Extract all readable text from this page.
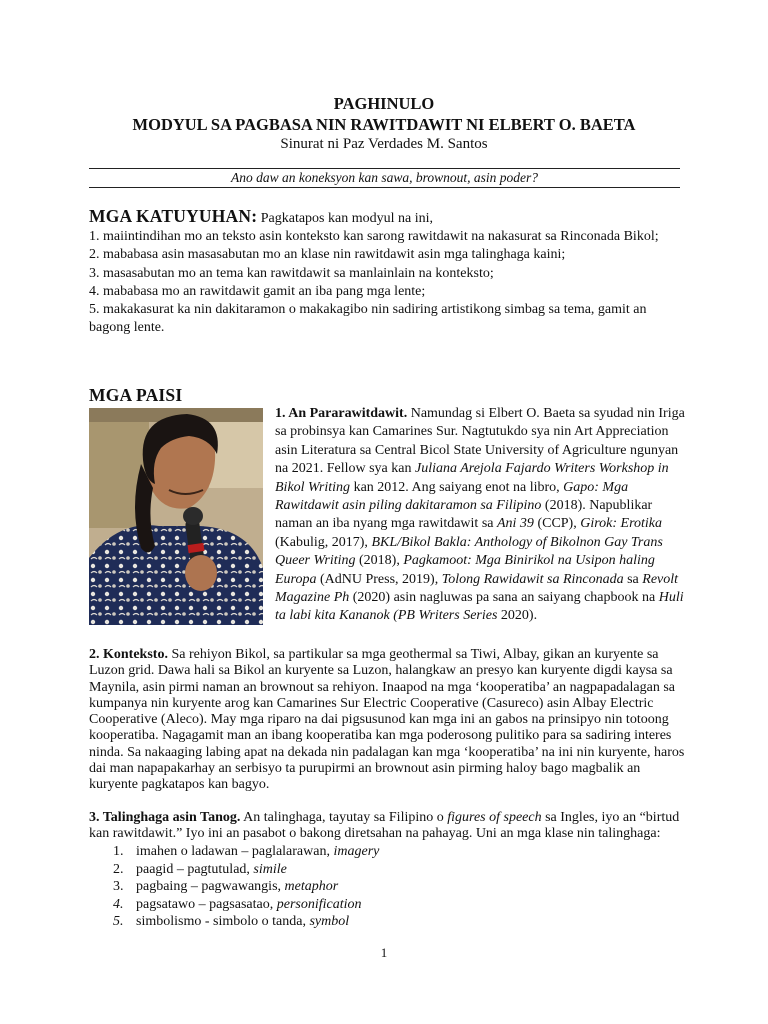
PAGHINULO
MODYUL SA PAGBASA NIN RAWITDAWIT NI ELBERT O. BAETA
Sinurat ni Paz Verdades M. Santos
Ano daw an koneksyon kan sawa, brownout, asin poder?

MGA KATUYUHAN: Pagkatapos kan modyul na ini,

1. maiintindihan mo an teksto asin konteksto kan sarong rawitdawit na nakasurat sa Rinconada Bikol;

2. mababasa asin masasabutan mo an klase nin rawitdawit asin mga talinghaga kaini;

3. masasabutan mo an tema kan rawitdawit sa manlainlain na konteksto;

4. mababasa mo an rawitdawit gamit an iba pang mga lente;

5. makakasurat ka nin dakitaramon o makakagibo nin sadiring artistikong simbag sa tema, gamit an bagong lente.

MGA PAISI
1. An Pararawitdawit. Namundag si Elbert O. Baeta sa syudad nin Iriga sa probinsya kan Camarines Sur. Nagtutukdo sya nin Art Appreciation asin Literatura sa Central Bicol State University of Agriculture ngunyan na 2021. Fellow sya kan Juliana Arejola Fajardo Writers Workshop in Bikol Writing kan 2012. Ang saiyang enot na libro, Gapo: Mga Rawitdawit asin piling dakitaramon sa Filipino (2018). Napublikar naman an iba nyang mga rawitdawit sa Ani 39 (CCP), Girok: Erotika (Kabulig, 2017), BKL/Bikol Bakla: Anthology of Bikolnon Gay Trans Queer Writing (2018), Pagkamoot: Mga Binirikol na Usipon haling Europa (AdNU Press, 2019), Tolong Rawidawit sa Rinconada sa Revolt Magazine Ph (2020) asin nagluwas pa sana an saiyang chapbook na Huli ta labi kita Kananok (PB Writers Series 2020).

2. Konteksto. Sa rehiyon Bikol, sa partikular sa mga geothermal sa Tiwi, Albay, gikan an kuryente sa Luzon grid. Dawa hali sa Bikol an kuryente sa Luzon, halangkaw an presyo kan kuryente digdi kaysa sa Maynila, asin pirmi naman an brownout sa rehiyon. Inaapod na mga ‘kooperatiba’ an nagpapadalagan sa kumpanya nin kuryente arog kan Camarines Sur Electric Cooperative (Casureco) asin Albay Electric Cooperative (Aleco). May mga riparo na dai pigsusunod kan mga ini an gabos na prinsipyo nin totoong kooperatiba. Nagagamit man an ibang kooperatiba kan mga poderosong pulitiko para sa sadiring interes ninda. Sa nakaaging labing apat na dekada nin padalagan kan mga ‘kooperatiba’ na ini nin kuryente, haros dai man napapakarhay an serbisyo ta purupirmi an brownout asin pirming haloy bago magbalik an kuryente pagkatapos kan bagyo.

3. Talinghaga asin Tanog. An talinghaga, tayutay sa Filipino o figures of speech sa Ingles, iyo an “birtud kan rawitdawit.” Iyo ini an pasabot o bakong diretsahan na pahayag. Uni an mga klase nin talinghaga:

1. imahen o ladawan – paglalarawan, imagery
2. paagid – pagtutulad, simile
3. pagbaing – pagwawangis, metaphor
4. pagsatawo – pagsasatao, personification
5. simbolismo - simbolo o tanda, symbol
1
